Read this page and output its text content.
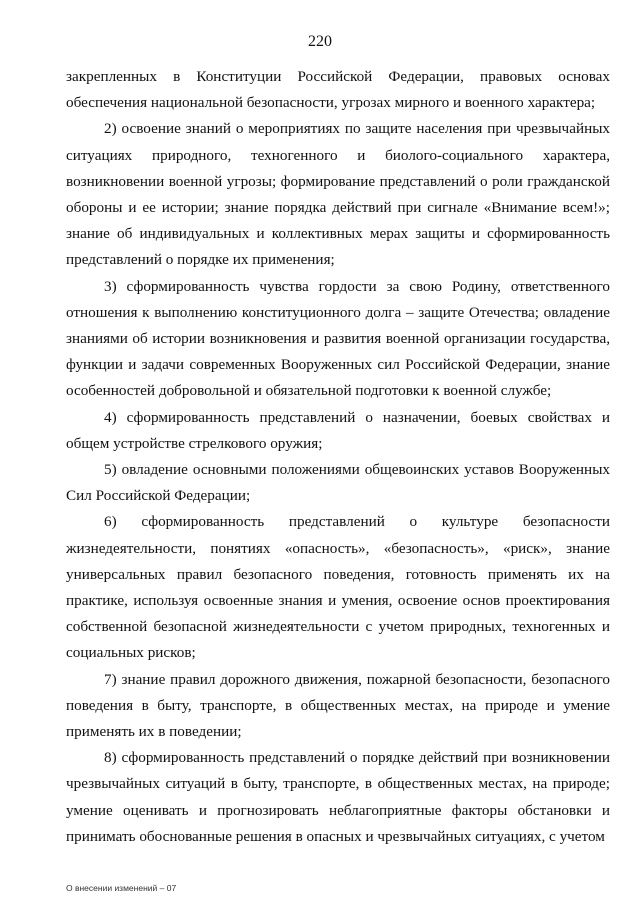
220

закрепленных в Конституции Российской Федерации, правовых основах обеспечения национальной безопасности, угрозах мирного и военного характера;

2) освоение знаний о мероприятиях по защите населения при чрезвычайных ситуациях природного, техногенного и биолого-социального характера, возникновении военной угрозы; формирование представлений о роли гражданской обороны и ее истории; знание порядка действий при сигнале «Внимание всем!»; знание об индивидуальных и коллективных мерах защиты и сформированность представлений о порядке их применения;

3) сформированность чувства гордости за свою Родину, ответственного отношения к выполнению конституционного долга – защите Отечества; овладение знаниями об истории возникновения и развития военной организации государства, функции и задачи современных Вооруженных сил Российской Федерации, знание особенностей добровольной и обязательной подготовки к военной службе;

4) сформированность представлений о назначении, боевых свойствах и общем устройстве стрелкового оружия;

5) овладение основными положениями общевоинских уставов Вооруженных Сил Российской Федерации;

6) сформированность представлений о культуре безопасности жизнедеятельности, понятиях «опасность», «безопасность», «риск», знание универсальных правил безопасного поведения, готовность применять их на практике, используя освоенные знания и умения, освоение основ проектирования собственной безопасной жизнедеятельности с учетом природных, техногенных и социальных рисков;

7) знание правил дорожного движения, пожарной безопасности, безопасного поведения в быту, транспорте, в общественных местах, на природе и умение применять их в поведении;

8) сформированность представлений о порядке действий при возникновении чрезвычайных ситуаций в быту, транспорте, в общественных местах, на природе; умение оценивать и прогнозировать неблагоприятные факторы обстановки и принимать обоснованные решения в опасных и чрезвычайных ситуациях, с учетом

О внесении изменений – 07
